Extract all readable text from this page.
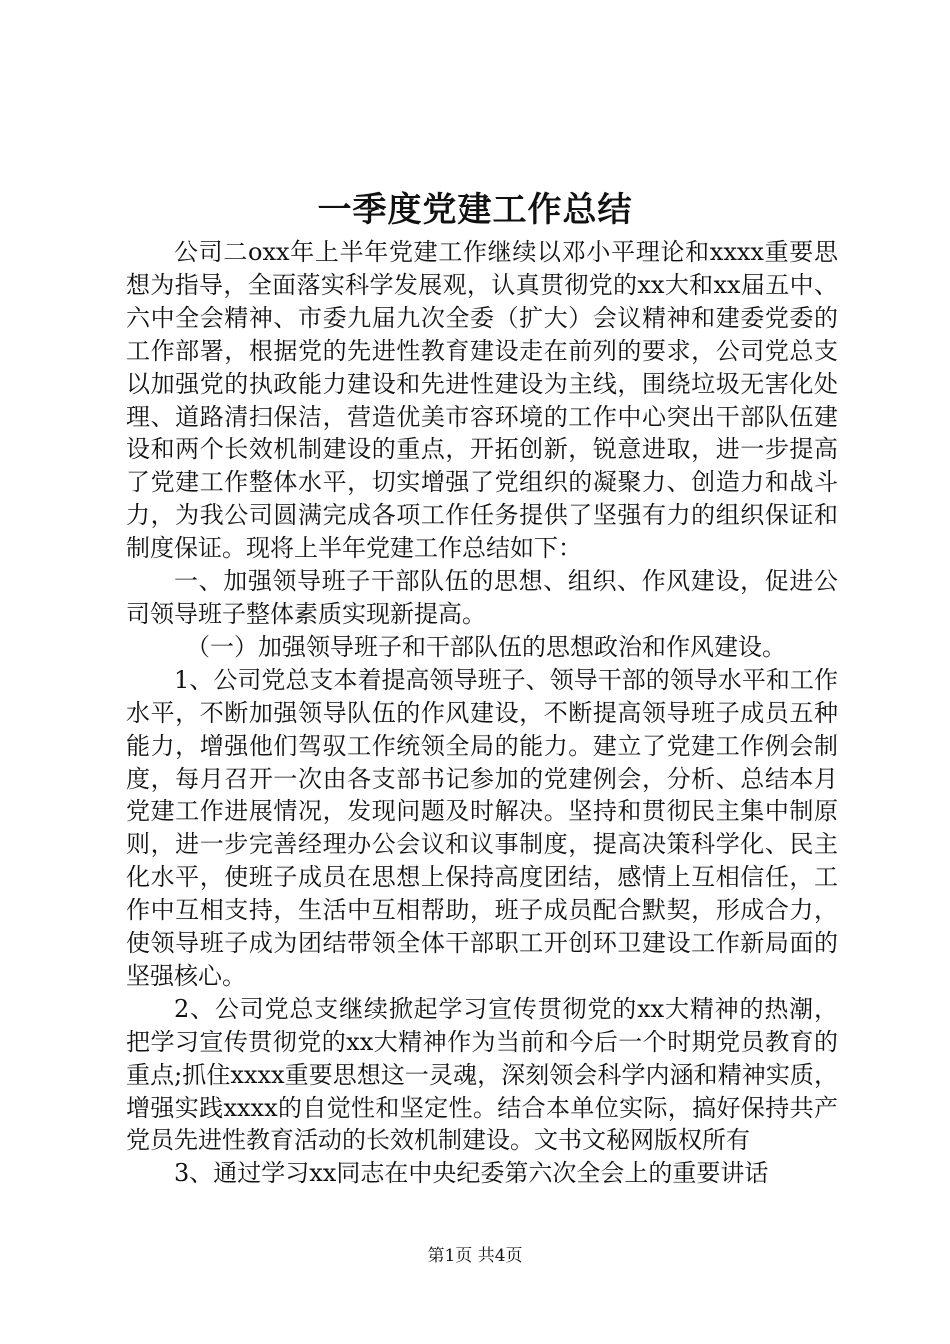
一季度党建工作总结

公司二oxx年上半年党建工作继续以邓小平理论和xxxx重要思想为指导，全面落实科学发展观，认真贯彻党的xx大和xx届五中、六中全会精神、市委九届九次全委（扩大）会议精神和建委党委的工作部署，根据党的先进性教育建设走在前列的要求，公司党总支以加强党的执政能力建设和先进性建设为主线，围绕垃圾无害化处理、道路清扫保洁，营造优美市容环境的工作中心突出干部队伍建设和两个长效机制建设的重点，开拓创新，锐意进取，进一步提高了党建工作整体水平，切实增强了党组织的凝聚力、创造力和战斗力，为我公司圆满完成各项工作任务提供了坚强有力的组织保证和制度保证。现将上半年党建工作总结如下：

一、加强领导班子干部队伍的思想、组织、作风建设，促进公司领导班子整体素质实现新提高。

（一）加强领导班子和干部队伍的思想政治和作风建设。

1、公司党总支本着提高领导班子、领导干部的领导水平和工作水平，不断加强领导队伍的作风建设，不断提高领导班子成员五种能力，增强他们驾驭工作统领全局的能力。建立了党建工作例会制度，每月召开一次由各支部书记参加的党建例会，分析、总结本月党建工作进展情况，发现问题及时解决。坚持和贯彻民主集中制原则，进一步完善经理办公会议和议事制度，提高决策科学化、民主化水平，使班子成员在思想上保持高度团结，感情上互相信任，工作中互相支持，生活中互相帮助，班子成员配合默契，形成合力，使领导班子成为团结带领全体干部职工开创环卫建设工作新局面的坚强核心。

2、公司党总支继续掀起学习宣传贯彻党的xx大精神的热潮，把学习宣传贯彻党的xx大精神作为当前和今后一个时期党员教育的重点;抓住xxxx重要思想这一灵魂，深刻领会科学内涵和精神实质，增强实践xxxx的自觉性和坚定性。结合本单位实际，搞好保持共产党员先进性教育活动的长效机制建设。文书文秘网版权所有

3、通过学习xx同志在中央纪委第六次全会上的重要讲话

第1页 共4页
